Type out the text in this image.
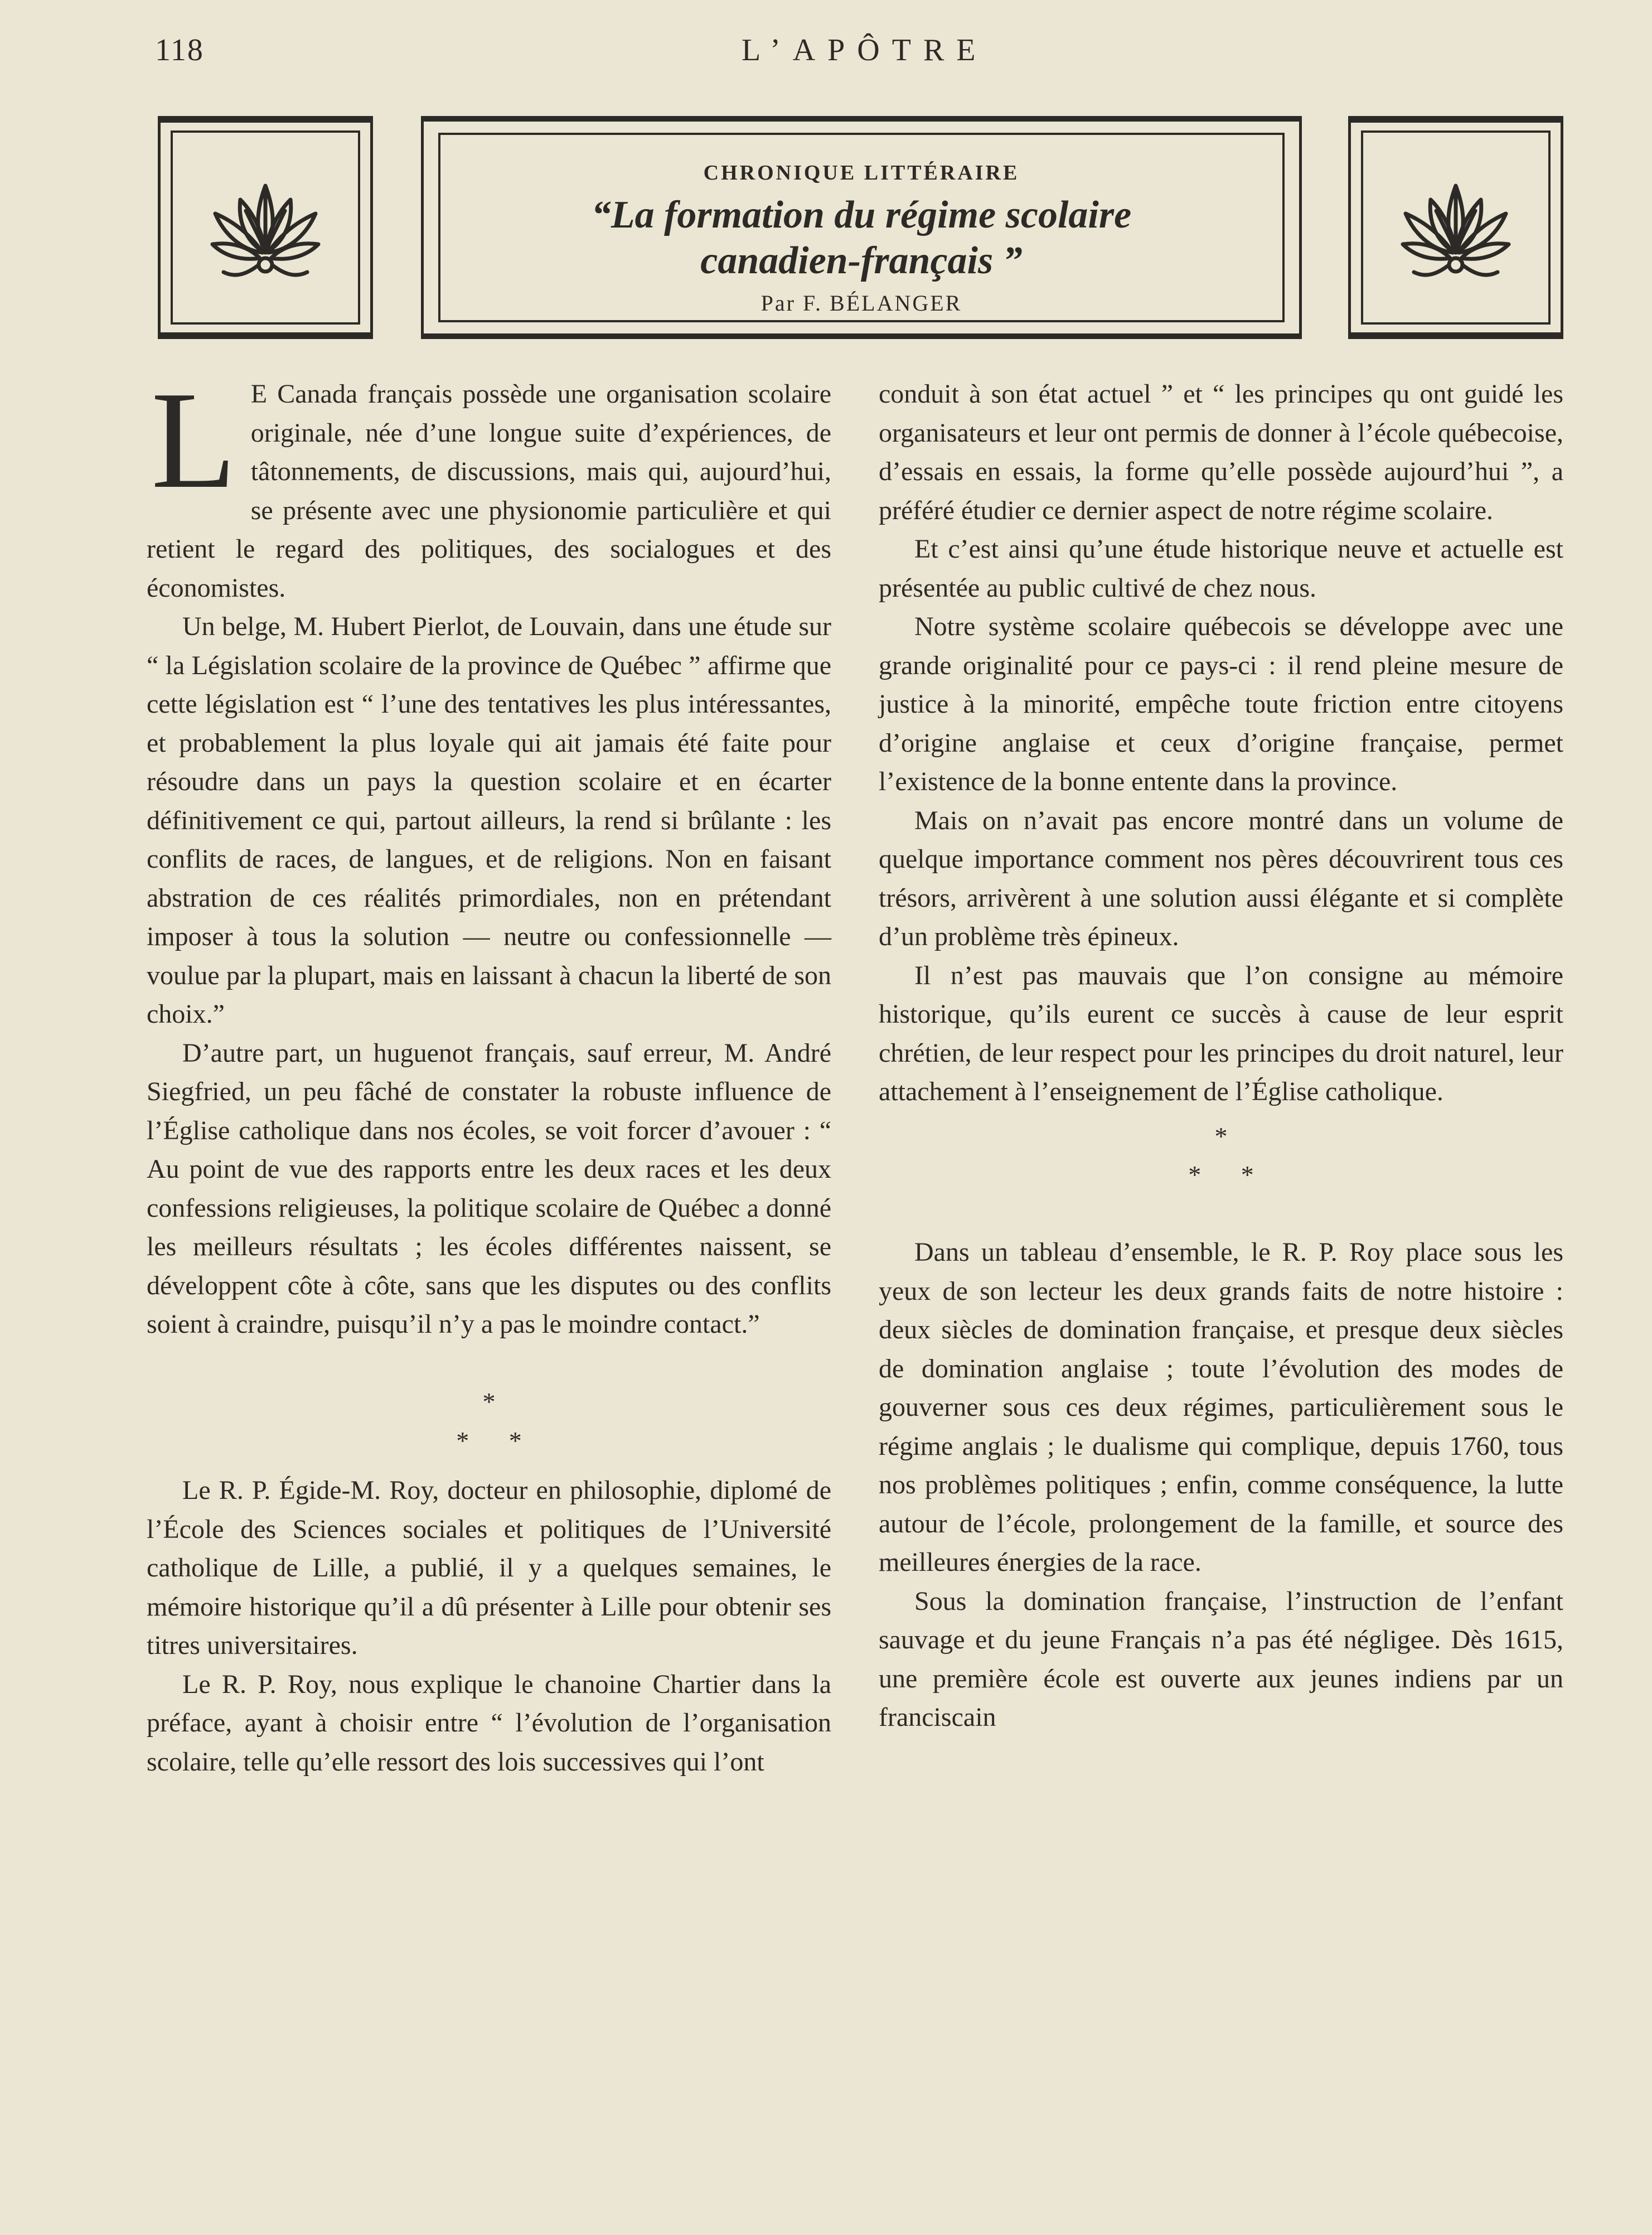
118	L’APÔTRE
CHRONIQUE LITTÉRAIRE
“La formation du régime scolaire
canadien-français ”
Par F. BÉLANGER

L E Canada français possède une organisation scolaire originale, née d’une longue suite d’expériences, de tâtonnements, de discussions, mais qui, aujourd’hui, se présente avec une physionomie particulière et qui retient le regard des politiques, des socialogues et des économistes.

Un belge, M. Hubert Pierlot, de Louvain, dans une étude sur “ la Législation scolaire de la province de Québec ” affirme que cette législation est “ l’une des tentatives les plus intéressantes, et probablement la plus loyale qui ait jamais été faite pour résoudre dans un pays la question scolaire et en écarter définitivement ce qui, partout ailleurs, la rend si brûlante : les conflits de races, de langues, et de religions. Non en faisant abstration de ces réalités primordiales, non en prétendant imposer à tous la solution — neutre ou confessionnelle — voulue par la plupart, mais en laissant à chacun la liberté de son choix.”

D’autre part, un huguenot français, sauf erreur, M. André Siegfried, un peu fâché de constater la robuste influence de l’Église catholique dans nos écoles, se voit forcer d’avouer : “ Au point de vue des rapports entre les deux races et les deux confessions religieuses, la politique scolaire de Québec a donné les meilleurs résultats ; les écoles différentes naissent, se développent côte à côte, sans que les disputes ou des conflits soient à craindre, puisqu’il n’y a pas le moindre contact.”

*
* *

Le R. P. Égide-M. Roy, docteur en philosophie, diplomé de l’École des Sciences sociales et politiques de l’Université catholique de Lille, a publié, il y a quelques semaines, le mémoire historique qu’il a dû présenter à Lille pour obtenir ses titres universitaires.

Le R. P. Roy, nous explique le chanoine Chartier dans la préface, ayant à choisir entre “ l’évolution de l’organisation scolaire, telle qu’elle ressort des lois successives qui l’ont

conduit à son état actuel ” et “ les principes qu ont guidé les organisateurs et leur ont permis de donner à l’école québecoise, d’essais en essais, la forme qu’elle possède aujourd’hui ”, a préféré étudier ce dernier aspect de notre régime scolaire.

Et c’est ainsi qu’une étude historique neuve et actuelle est présentée au public cultivé de chez nous.

Notre système scolaire québecois se développe avec une grande originalité pour ce pays-ci : il rend pleine mesure de justice à la minorité, empêche toute friction entre citoyens d’origine anglaise et ceux d’origine française, permet l’existence de la bonne entente dans la province.

Mais on n’avait pas encore montré dans un volume de quelque importance comment nos pères découvrirent tous ces trésors, arrivèrent à une solution aussi élégante et si complète d’un problème très épineux.

Il n’est pas mauvais que l’on consigne au mémoire historique, qu’ils eurent ce succès à cause de leur esprit chrétien, de leur respect pour les principes du droit naturel, leur attachement à l’enseignement de l’Église catholique.

*
* *

Dans un tableau d’ensemble, le R. P. Roy place sous les yeux de son lecteur les deux grands faits de notre histoire : deux siècles de domination française, et presque deux siècles de domination anglaise ; toute l’évolution des modes de gouverner sous ces deux régimes, particulièrement sous le régime anglais ; le dualisme qui complique, depuis 1760, tous nos problèmes politiques ; enfin, comme conséquence, la lutte autour de l’école, prolongement de la famille, et source des meilleures énergies de la race.

Sous la domination française, l’instruction de l’enfant sauvage et du jeune Français n’a pas été négligee. Dès 1615, une première école est ouverte aux jeunes indiens par un franciscain
